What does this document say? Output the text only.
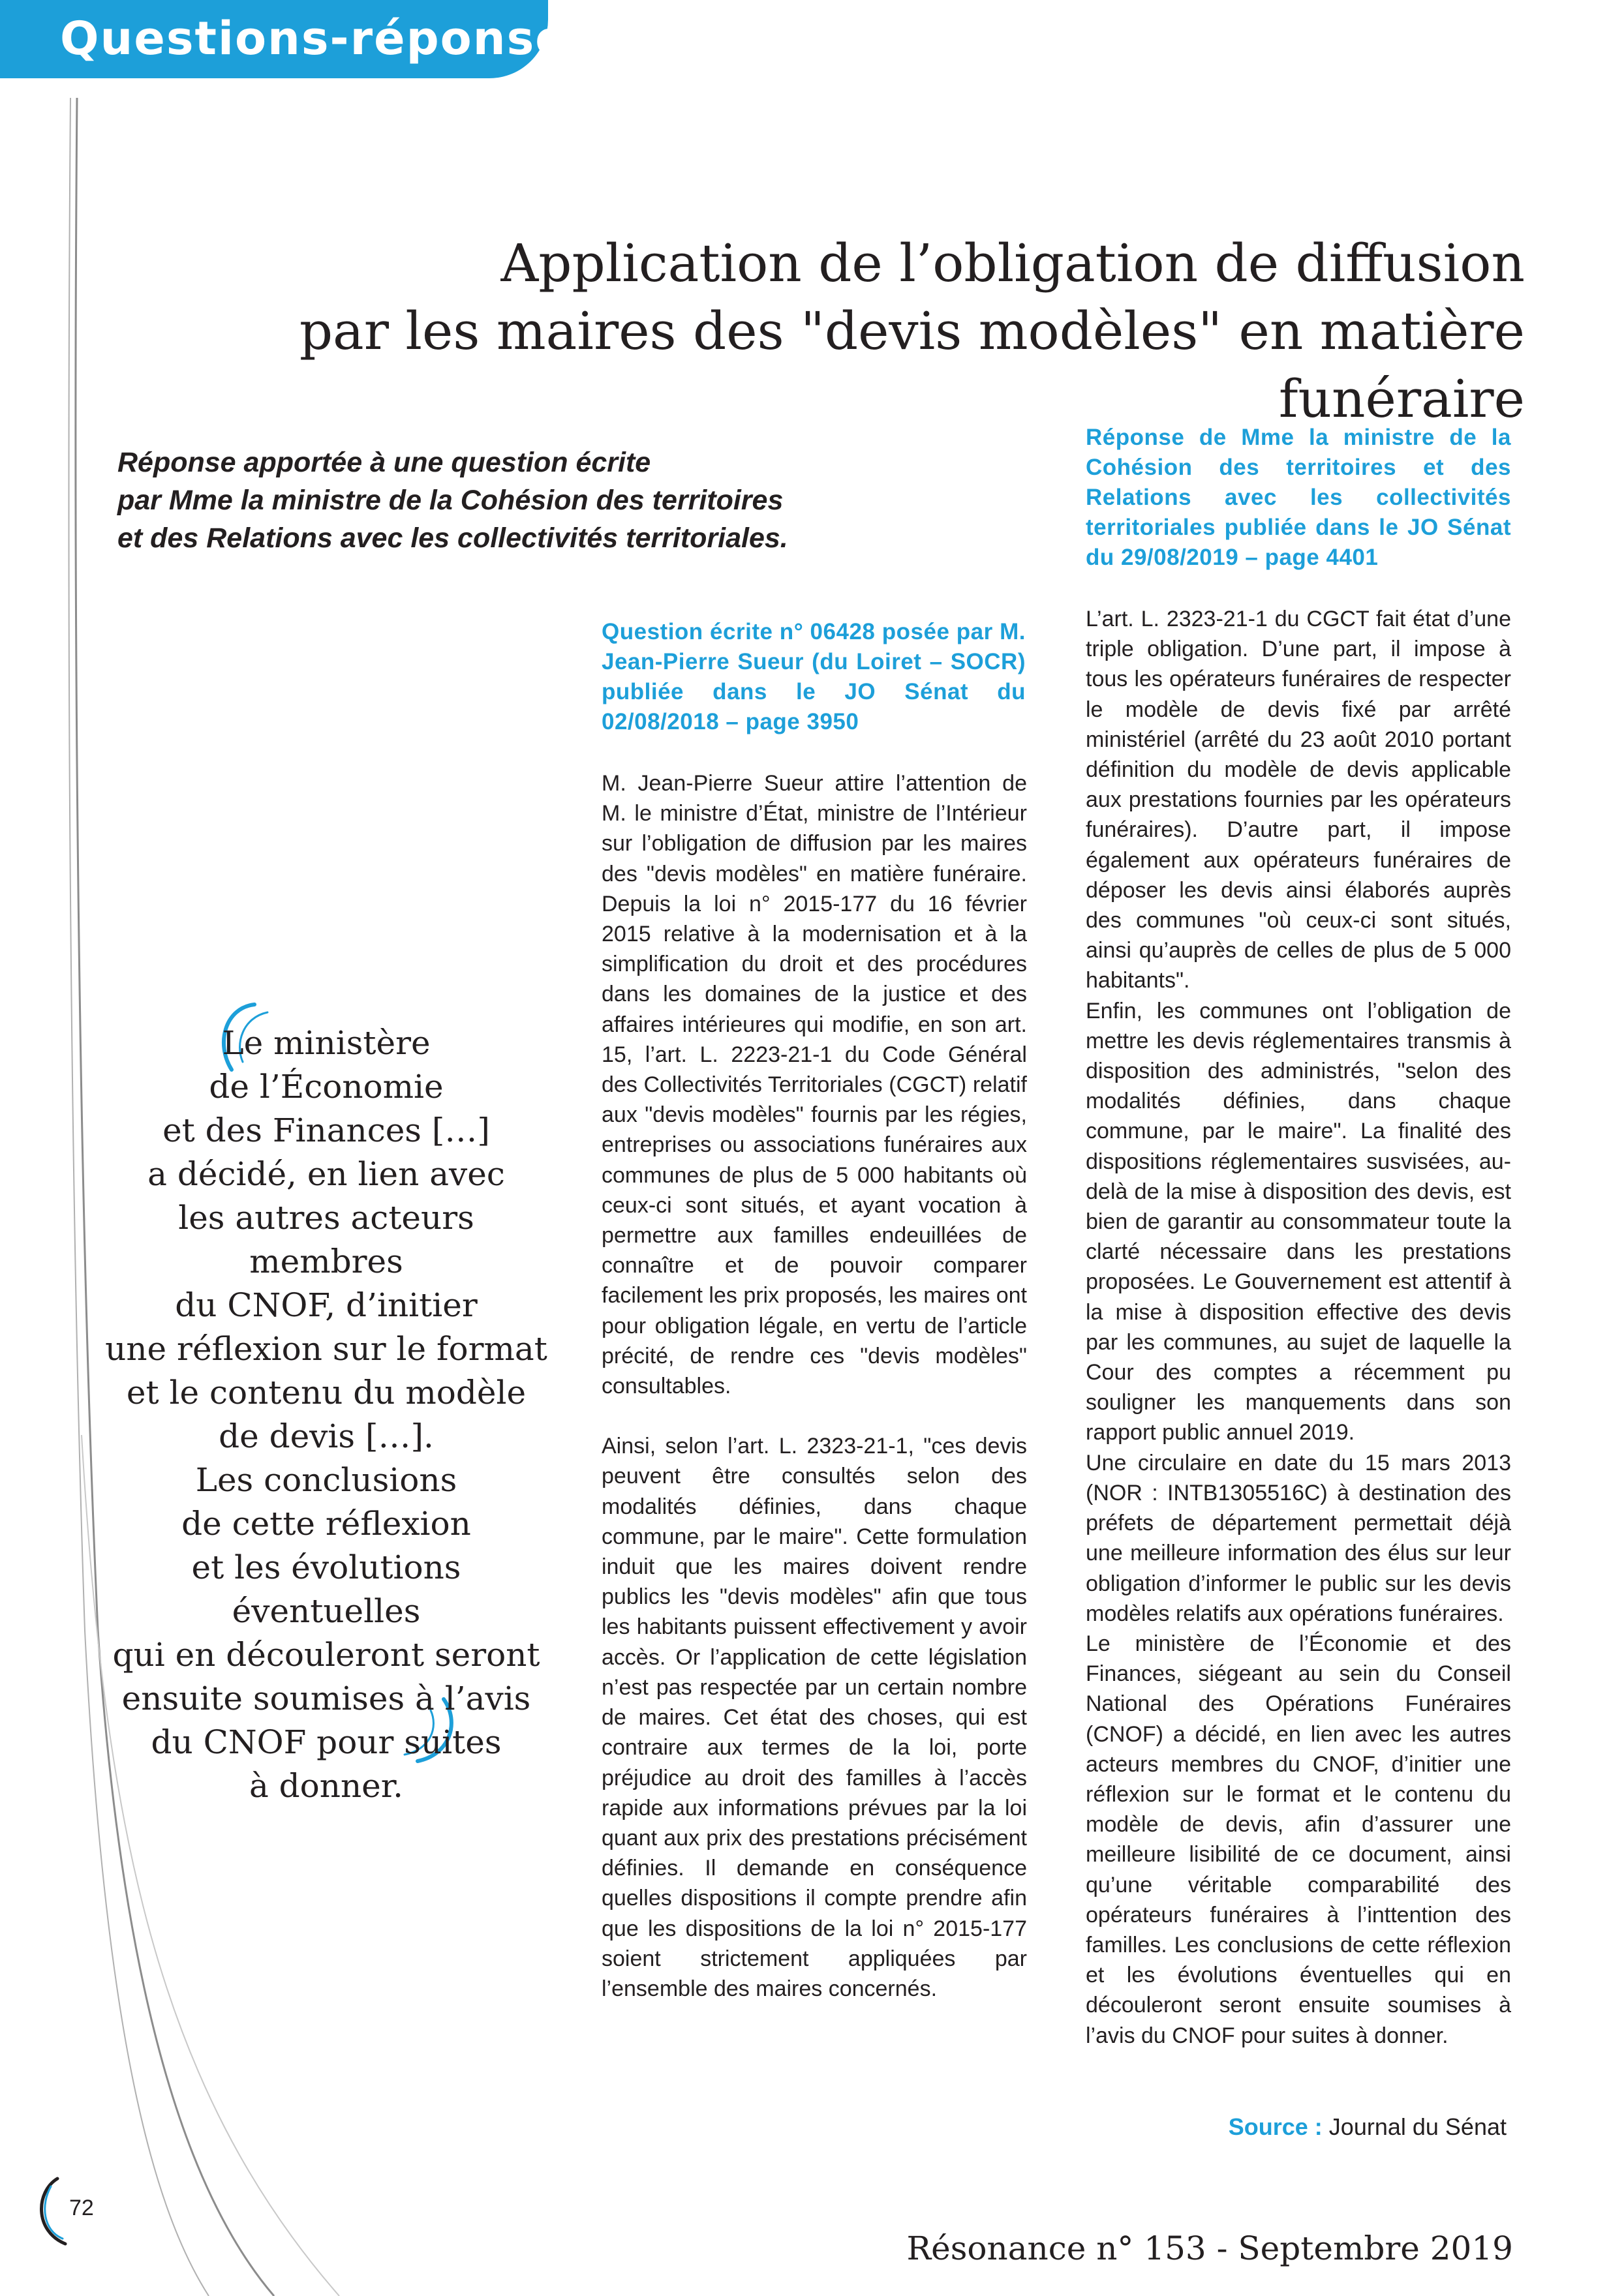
Questions-réponses)
Application de l’obligation de diffusion
par les maires des "devis modèles" en matière funéraire
Réponse apportée à une question écrite
par Mme la ministre de la Cohésion des territoires
et des Relations avec les collectivités territoriales.
Réponse de Mme la ministre de la Cohésion des territoires et des Relations avec les collectivités territoriales publiée dans le JO Sénat du 29/08/2019 – page 4401
Question écrite n° 06428 posée par M. Jean-Pierre Sueur (du Loiret – SOCR) publiée dans le JO Sénat du 02/08/2018 – page 3950

M. Jean-Pierre Sueur attire l’attention de M. le ministre d’État, ministre de l’Intérieur sur l’obligation de diffusion par les maires des "devis modèles" en matière funéraire. Depuis la loi n° 2015-177 du 16 février 2015 relative à la modernisation et à la simplification du droit et des procédures dans les domaines de la justice et des affaires intérieures qui modifie, en son art. 15, l’art. L. 2223-21-1 du Code Général des Collectivités Territoriales (CGCT) relatif aux "devis modèles" fournis par les régies, entreprises ou associations funéraires aux communes de plus de 5 000 habitants où ceux-ci sont situés, et ayant vocation à permettre aux familles endeuillées de connaître et de pouvoir comparer facilement les prix proposés, les maires ont pour obligation légale, en vertu de l’article précité, de rendre ces "devis modèles" consultables.

Ainsi, selon l’art. L. 2323-21-1, "ces devis peuvent être consultés selon des modalités définies, dans chaque commune, par le maire". Cette formulation induit que les maires doivent rendre publics les "devis modèles" afin que tous les habitants puissent effectivement y avoir accès. Or l’application de cette législation n’est pas respectée par un certain nombre de maires. Cet état des choses, qui est contraire aux termes de la loi, porte préjudice au droit des familles à l’accès rapide aux informations prévues par la loi quant aux prix des prestations précisément définies. Il demande en conséquence quelles dispositions il compte prendre afin que les dispositions de la loi n° 2015-177 soient strictement appliquées par l’ensemble des maires concernés.

L’art. L. 2323-21-1 du CGCT fait état d’une triple obligation. D’une part, il impose à tous les opérateurs funéraires de respecter le modèle de devis fixé par arrêté ministériel (arrêté du 23 août 2010 portant définition du modèle de devis applicable aux prestations fournies par les opérateurs funéraires). D’autre part, il impose également aux opérateurs funéraires de déposer les devis ainsi élaborés auprès des communes "où ceux-ci sont situés, ainsi qu’auprès de celles de plus de 5 000 habitants".

Enfin, les communes ont l’obligation de mettre les devis réglementaires transmis à disposition des administrés, "selon des modalités définies, dans chaque commune, par le maire". La finalité des dispositions réglementaires susvisées, au-delà de la mise à disposition des devis, est bien de garantir au consommateur toute la clarté nécessaire dans les prestations proposées. Le Gouvernement est attentif à la mise à disposition effective des devis par les communes, au sujet de laquelle la Cour des comptes a récemment pu souligner les manquements dans son rapport public annuel 2019.

Une circulaire en date du 15 mars 2013 (NOR : INTB1305516C) à destination des préfets de département permettait déjà une meilleure information des élus sur leur obligation d’informer le public sur les devis modèles relatifs aux opérations funéraires.

Le ministère de l’Économie et des Finances, siégeant au sein du Conseil National des Opérations Funéraires (CNOF) a décidé, en lien avec les autres acteurs membres du CNOF, d’initier une réflexion sur le format et le contenu du modèle de devis, afin d’assurer une meilleure lisibilité de ce document, ainsi qu’une véritable comparabilité des opérateurs funéraires à l’inttention des familles. Les conclusions de cette réflexion et les évolutions éventuelles qui en découleront seront ensuite soumises à l’avis du CNOF pour suites à donner.

Source : Journal du Sénat
Le ministère
de l’Économie
et des Finances […]
a décidé, en lien avec
les autres acteurs membres
du CNOF, d’initier
une réflexion sur le format
et le contenu du modèle
de devis […].
Les conclusions
de cette réflexion
et les évolutions
éventuelles
qui en découleront seront
ensuite soumises à l’avis
du CNOF pour suites
à donner.
72
Résonance n° 153 - Septembre 2019
